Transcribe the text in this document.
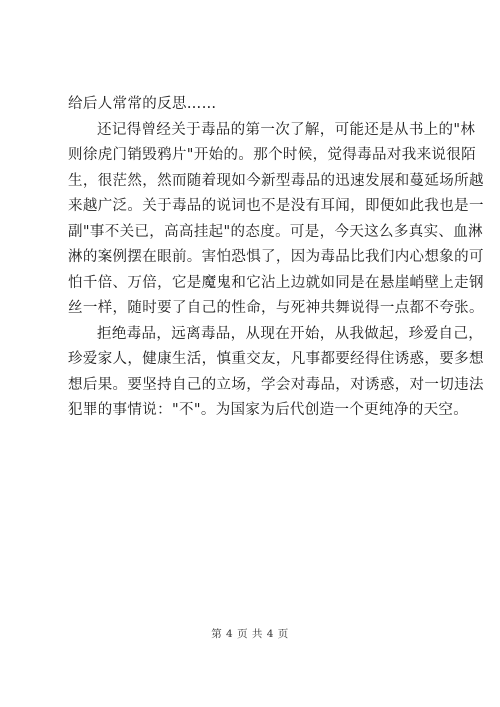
给后人常常的反思……
还记得曾经关于毒品的第一次了解，可能还是从书上的"林
则徐虎门销毁鸦片"开始的。那个时候，觉得毒品对我来说很陌
生，很茫然，然而随着现如今新型毒品的迅速发展和蔓延场所越
来越广泛。关于毒品的说词也不是没有耳闻，即便如此我也是一
副"事不关已，高高挂起"的态度。可是，今天这么多真实、血淋
淋的案例摆在眼前。害怕恐惧了，因为毒品比我们内心想象的可
怕千倍、万倍，它是魔鬼和它沾上边就如同是在悬崖峭壁上走钢
丝一样，随时要了自己的性命，与死神共舞说得一点都不夸张。
拒绝毒品，远离毒品，从现在开始，从我做起，珍爱自己，
珍爱家人，健康生活，慎重交友，凡事都要经得住诱惑，要多想
想后果。要坚持自己的立场，学会对毒品，对诱惑，对一切违法
犯罪的事情说："不"。为国家为后代创造一个更纯净的天空。
第 4 页 共 4 页
